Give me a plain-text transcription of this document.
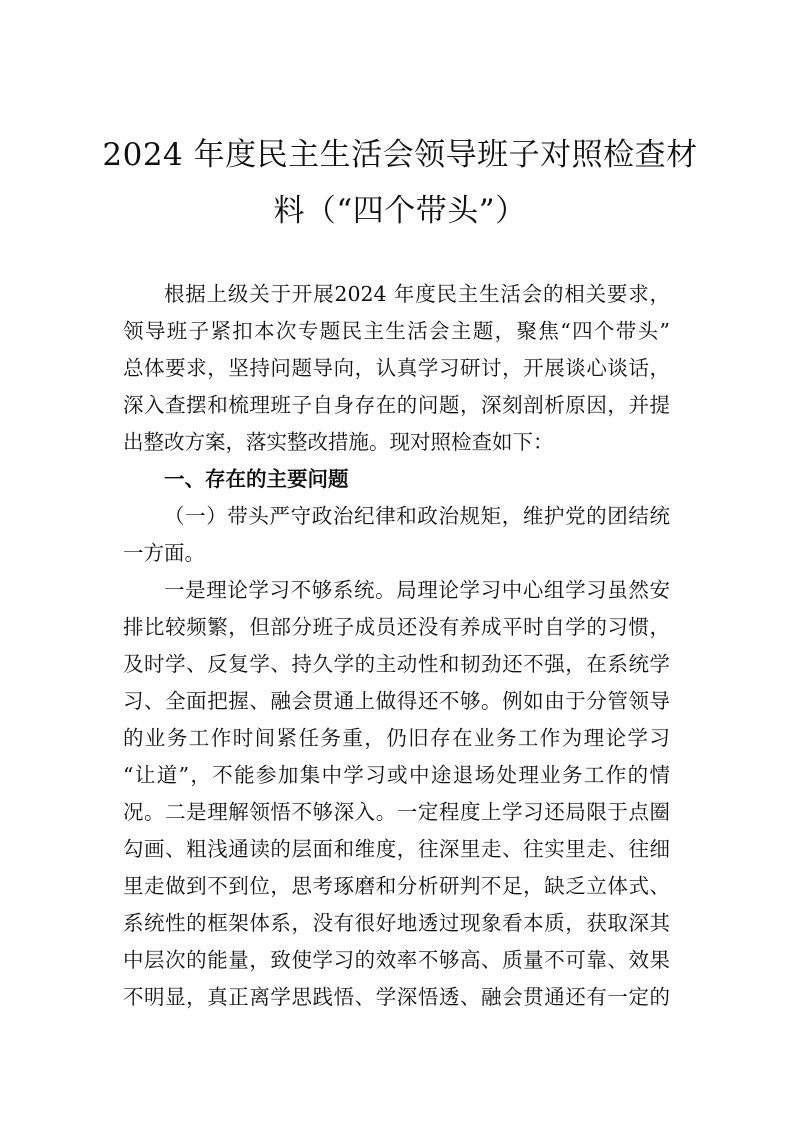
2024 年度民主生活会领导班子对照检查材
料（“四个带头”）
根据上级关于开展2024 年度民主生活会的相关要求，
领导班子紧扣本次专题民主生活会主题，聚焦“四个带头”
总体要求，坚持问题导向，认真学习研讨，开展谈心谈话，
深入查摆和梳理班子自身存在的问题，深刻剖析原因，并提
出整改方案，落实整改措施。现对照检查如下：
一、存在的主要问题
（一）带头严守政治纪律和政治规矩，维护党的团结统
一方面。
一是理论学习不够系统。局理论学习中心组学习虽然安
排比较频繁，但部分班子成员还没有养成平时自学的习惯，
及时学、反复学、持久学的主动性和韧劲还不强，在系统学
习、全面把握、融会贯通上做得还不够。例如由于分管领导
的业务工作时间紧任务重，仍旧存在业务工作为理论学习
“让道”，不能参加集中学习或中途退场处理业务工作的情
况。二是理解领悟不够深入。一定程度上学习还局限于点圈
勾画、粗浅通读的层面和维度，往深里走、往实里走、往细
里走做到不到位，思考琢磨和分析研判不足，缺乏立体式、
系统性的框架体系，没有很好地透过现象看本质，获取深其
中层次的能量，致使学习的效率不够高、质量不可靠、效果
不明显，真正离学思践悟、学深悟透、融会贯通还有一定的
